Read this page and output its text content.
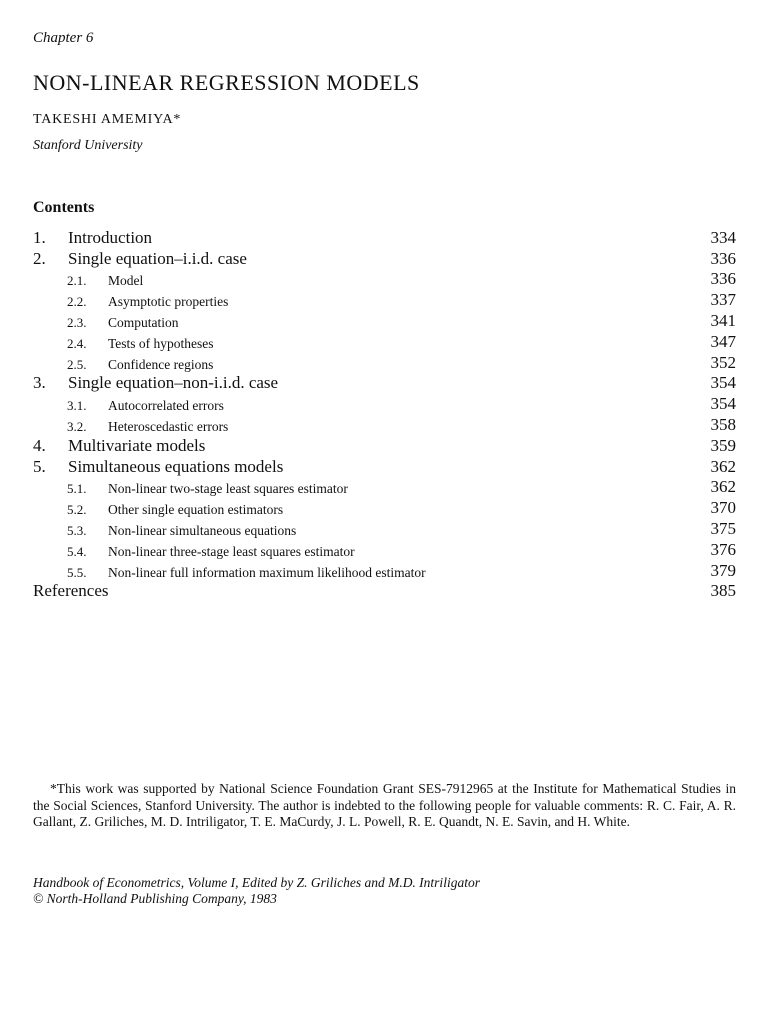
Chapter 6
NON-LINEAR REGRESSION MODELS
TAKESHI AMEMIYA*
Stanford University
Contents
1. Introduction	334
2. Single equation–i.i.d. case	336
2.1. Model	336
2.2. Asymptotic properties	337
2.3. Computation	341
2.4. Tests of hypotheses	347
2.5. Confidence regions	352
3. Single equation–non-i.i.d. case	354
3.1. Autocorrelated errors	354
3.2. Heteroscedastic errors	358
4. Multivariate models	359
5. Simultaneous equations models	362
5.1. Non-linear two-stage least squares estimator	362
5.2. Other single equation estimators	370
5.3. Non-linear simultaneous equations	375
5.4. Non-linear three-stage least squares estimator	376
5.5. Non-linear full information maximum likelihood estimator	379
References	385

*This work was supported by National Science Foundation Grant SES-7912965 at the Institute for Mathematical Studies in the Social Sciences, Stanford University. The author is indebted to the following people for valuable comments: R. C. Fair, A. R. Gallant, Z. Griliches, M. D. Intriligator, T. E. MaCurdy, J. L. Powell, R. E. Quandt, N. E. Savin, and H. White.

Handbook of Econometrics, Volume I, Edited by Z. Griliches and M.D. Intriligator
© North-Holland Publishing Company, 1983
